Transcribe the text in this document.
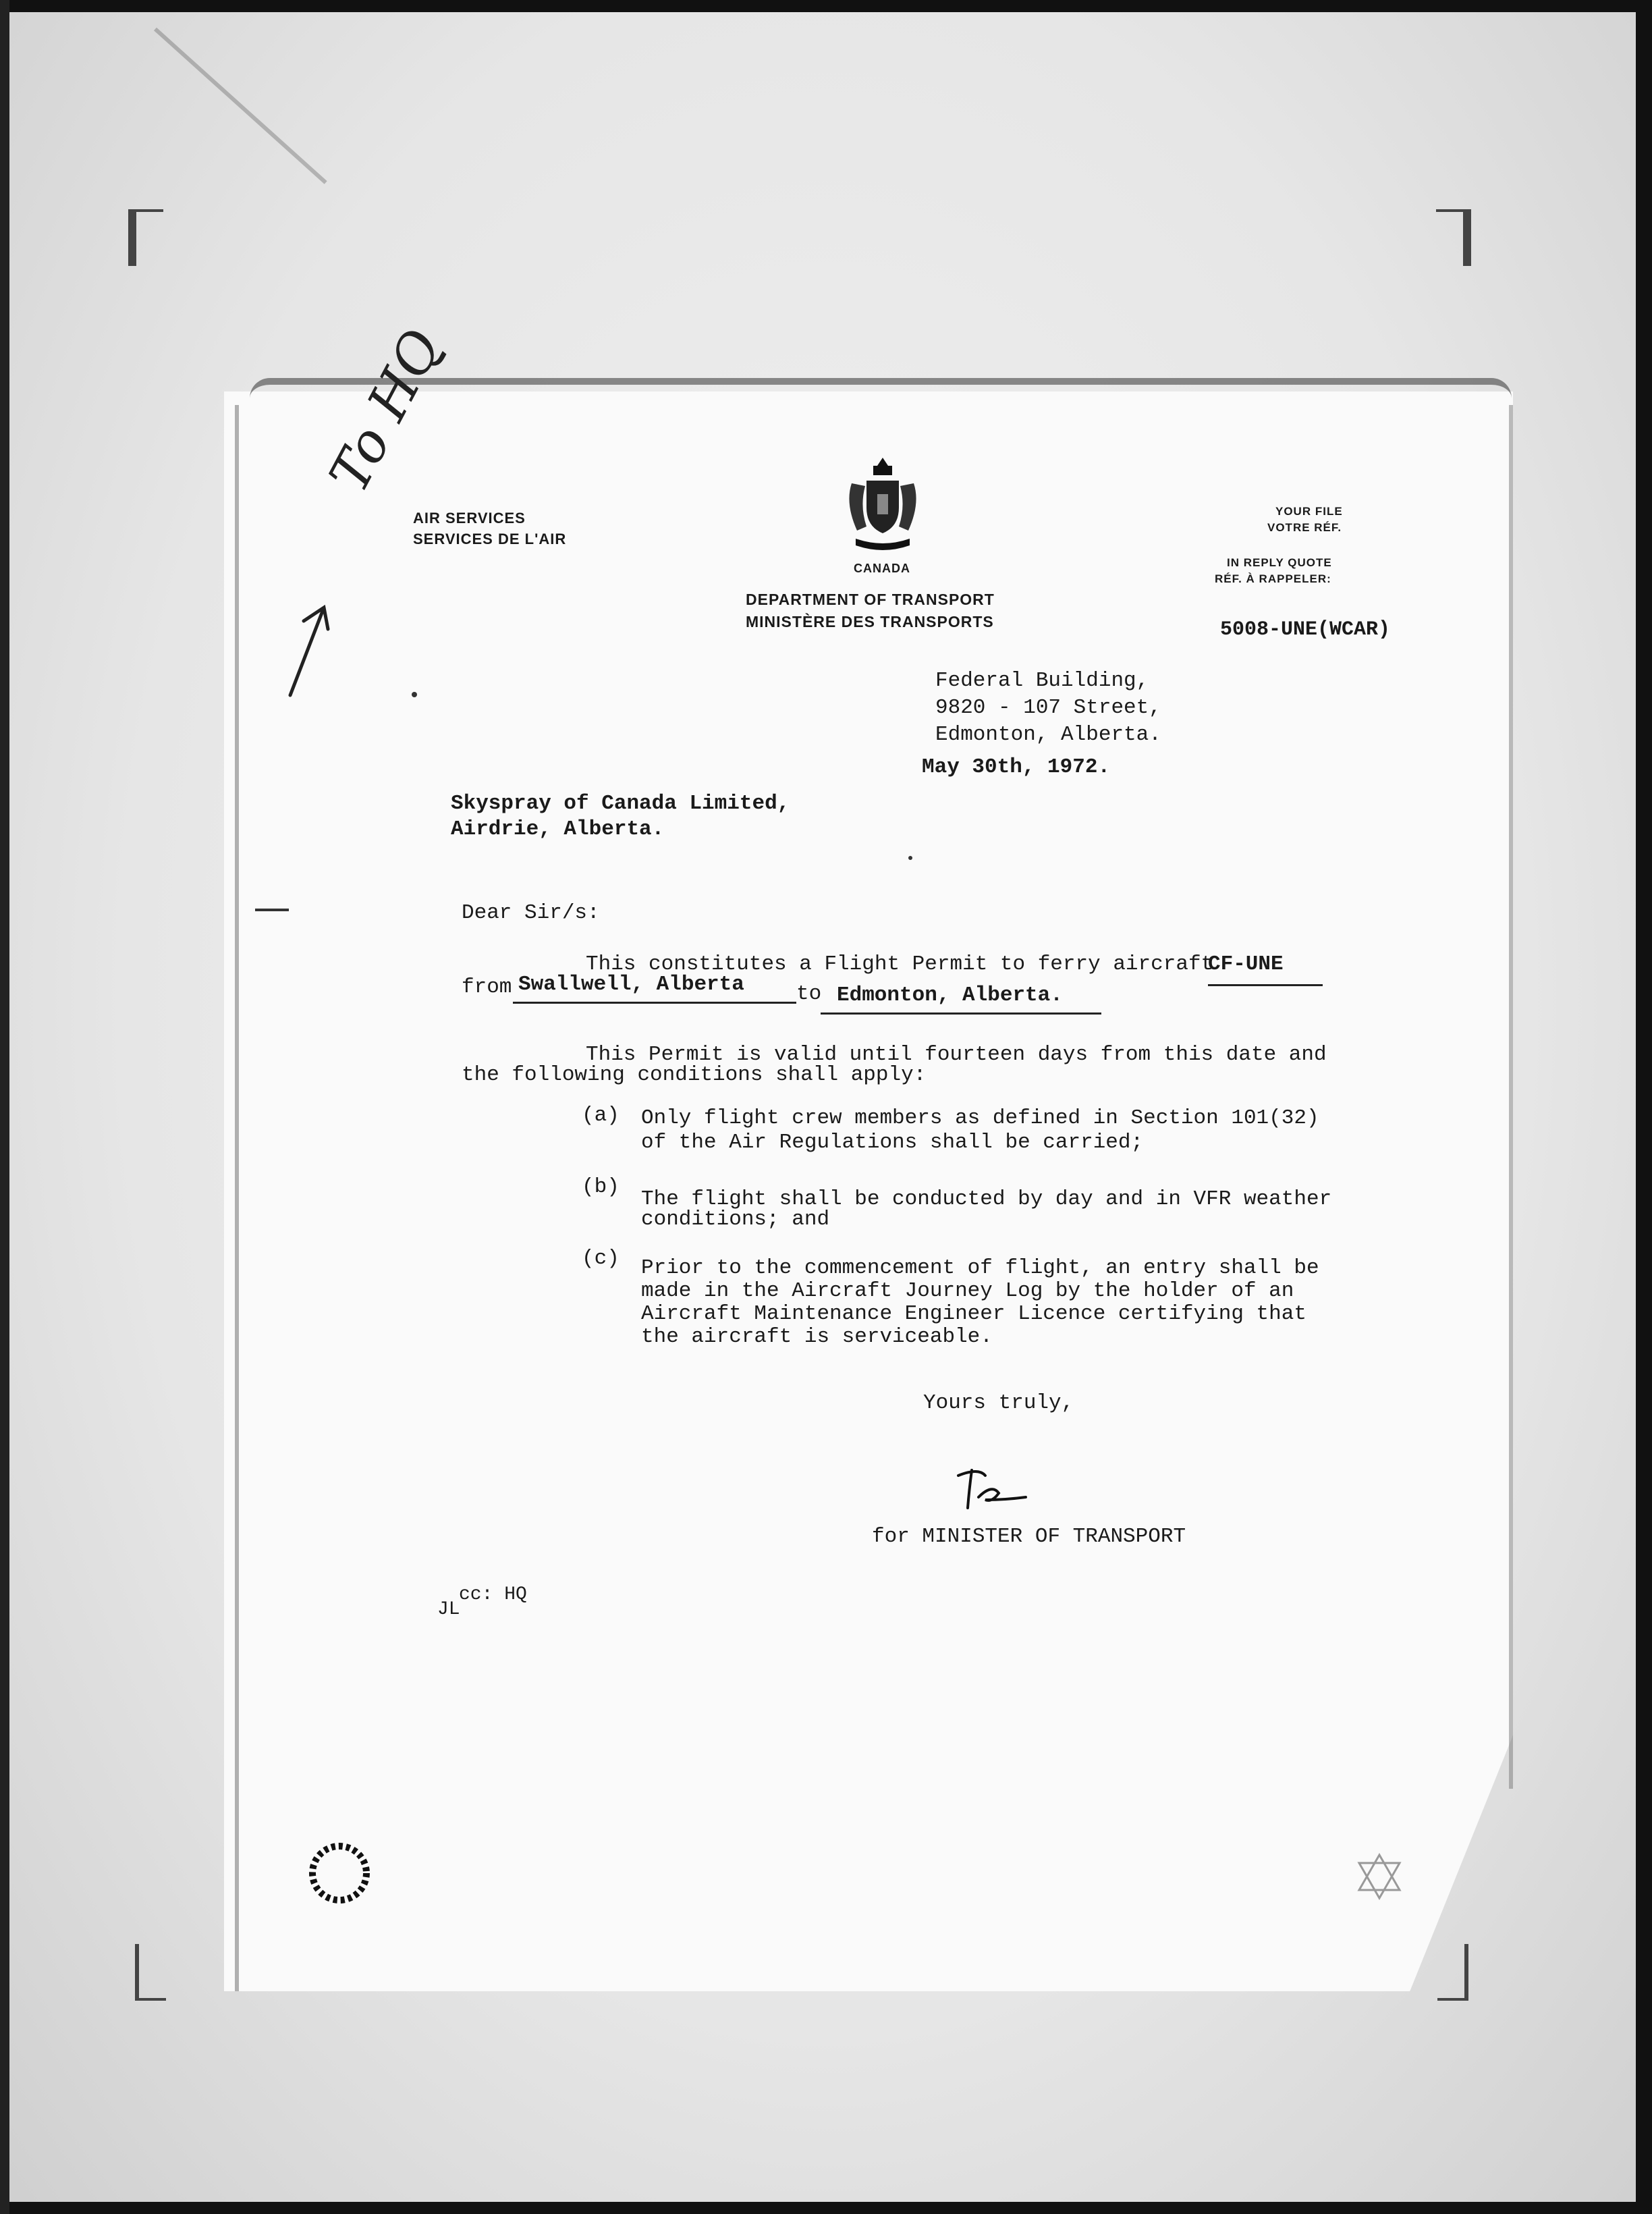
To HQ
AIR SERVICES
SERVICES DE L'AIR
CANADA
DEPARTMENT OF TRANSPORT
MINISTÈRE DES TRANSPORTS
YOUR FILE
VOTRE RÉF.
IN REPLY QUOTE
RÉF. À RAPPELER:
5008-UNE(WCAR)
Federal Building,
9820 - 107 Street,
Edmonton, Alberta.
May 30th, 1972.
Skyspray of Canada Limited,
Airdrie, Alberta.
Dear Sir/s:
This constitutes a Flight Permit to ferry aircraft
CF-UNE
from Swallwell, Alberta to Edmonton, Alberta.
This Permit is valid until fourteen days from this date and
the following conditions shall apply:
(a) Only flight crew members as defined in Section 101(32)
of the Air Regulations shall be carried;
(b)
The flight shall be conducted by day and in VFR weather
conditions; and
(c) Prior to the commencement of flight, an entry shall be
made in the Aircraft Journey Log by the holder of an
Aircraft Maintenance Engineer Licence certifying that
the aircraft is serviceable.
Yours truly,
for MINISTER OF TRANSPORT
cc: HQ
JL
